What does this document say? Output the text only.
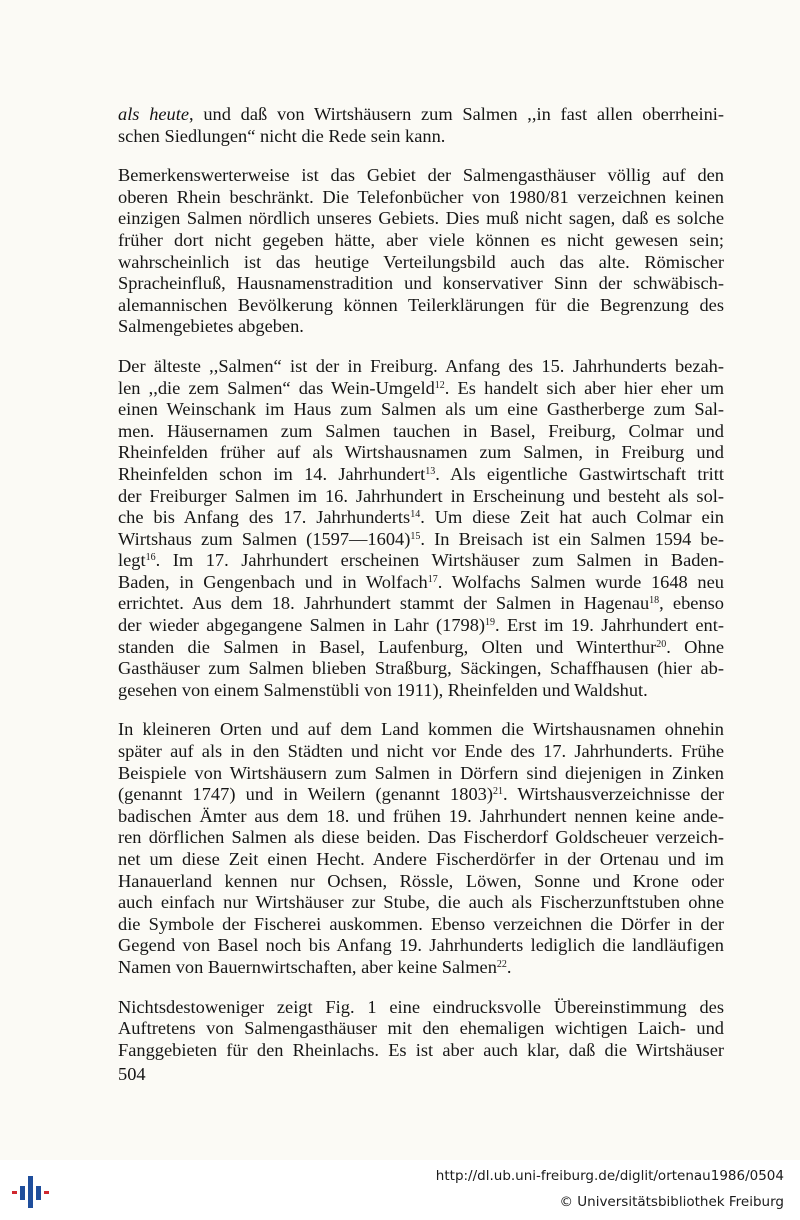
als heute, und daß von Wirtshäusern zum Salmen ,,in fast allen oberrheini-
schen Siedlungen“ nicht die Rede sein kann.
Bemerkenswerterweise ist das Gebiet der Salmengasthäuser völlig auf den
oberen Rhein beschränkt. Die Telefonbücher von 1980/81 verzeichnen keinen
einzigen Salmen nördlich unseres Gebiets. Dies muß nicht sagen, daß es solche
früher dort nicht gegeben hätte, aber viele können es nicht gewesen sein;
wahrscheinlich ist das heutige Verteilungsbild auch das alte. Römischer
Spracheinfluß, Hausnamenstradition und konservativer Sinn der schwäbisch-
alemannischen Bevölkerung können Teilerklärungen für die Begrenzung des
Salmengebietes abgeben.
Der älteste ,,Salmen“ ist der in Freiburg. Anfang des 15. Jahrhunderts bezah-
len ,,die zem Salmen“ das Wein-Umgeld$^{12}$. Es handelt sich aber hier eher um
einen Weinschank im Haus zum Salmen als um eine Gastherberge zum Sal-
men. Häusernamen zum Salmen tauchen in Basel, Freiburg, Colmar und
Rheinfelden früher auf als Wirtshausnamen zum Salmen, in Freiburg und
Rheinfelden schon im 14. Jahrhundert$^{13}$. Als eigentliche Gastwirtschaft tritt
der Freiburger Salmen im 16. Jahrhundert in Erscheinung und besteht als sol-
che bis Anfang des 17. Jahrhunderts$^{14}$. Um diese Zeit hat auch Colmar ein
Wirtshaus zum Salmen (1597—1604)$^{15}$. In Breisach ist ein Salmen 1594 be-
legt$^{16}$. Im 17. Jahrhundert erscheinen Wirtshäuser zum Salmen in Baden-
Baden, in Gengenbach und in Wolfach$^{17}$. Wolfachs Salmen wurde 1648 neu
errichtet. Aus dem 18. Jahrhundert stammt der Salmen in Hagenau$^{18}$, ebenso
der wieder abgegangene Salmen in Lahr $(1798)^{19}$. Erst im 19. Jahrhundert ent-
standen die Salmen in Basel, Laufenburg, Olten und Winterthur$^{20}$. Ohne
Gasthäuser zum Salmen blieben Straßburg, Säckingen, Schaffhausen (hier ab-
gesehen von einem Salmenstübli von 1911), Rheinfelden und Waldshut.
In kleineren Orten und auf dem Land kommen die Wirtshausnamen ohnehin
später auf als in den Städten und nicht vor Ende des 17. Jahrhunderts. Frühe
Beispiele von Wirtshäusern zum Salmen in Dörfern sind diejenigen in Zinken
(genannt 1747) und in Weilern (genannt 1803)$^{21}$. Wirtshausverzeichnisse der
badischen Ämter aus dem 18. und frühen 19. Jahrhundert nennen keine ande-
ren dörflichen Salmen als diese beiden. Das Fischerdorf Goldscheuer verzeich-
net um diese Zeit einen Hecht. Andere Fischerdörfer in der Ortenau und im
Hanauerland kennen nur Ochsen, Rössle, Löwen, Sonne und Krone oder
auch einfach nur Wirtshäuser zur Stube, die auch als Fischerzunftstuben ohne
die Symbole der Fischerei auskommen. Ebenso verzeichnen die Dörfer in der
Gegend von Basel noch bis Anfang 19. Jahrhunderts lediglich die landläufigen
Namen von Bauernwirtschaften, aber keine Salmen$^{22}$.
Nichtsdestoweniger zeigt Fig. 1 eine eindrucksvolle Übereinstimmung des
Auftretens von Salmengasthäuser mit den ehemaligen wichtigen Laich- und
Fanggebieten für den Rheinlachs. Es ist aber auch klar, daß die Wirtshäuser
504
http://dl.ub.uni-freiburg.de/diglit/ortenau1986/0504
© Universitätsbibliothek Freiburg
